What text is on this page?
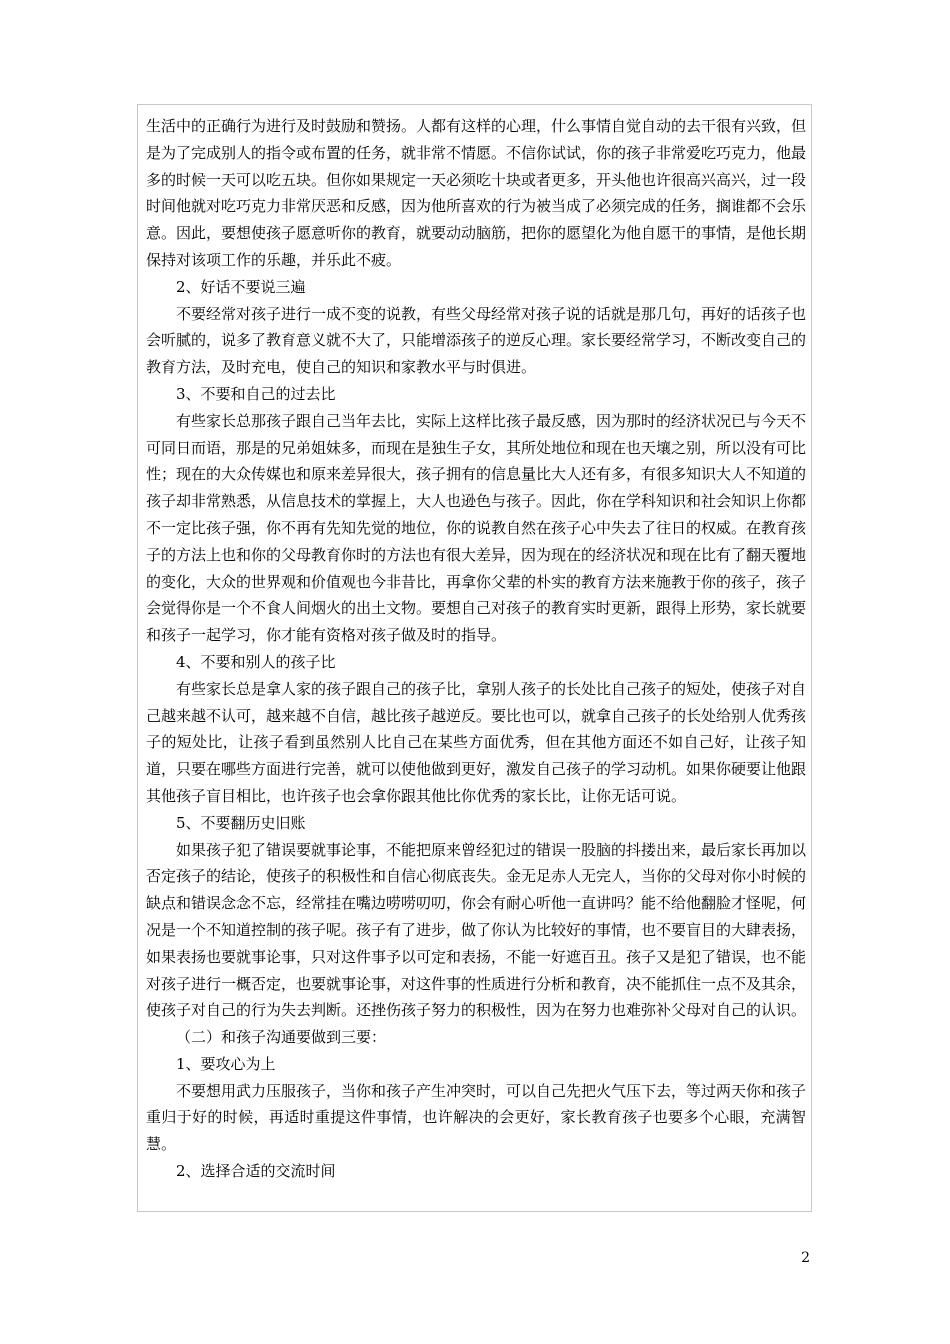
生活中的正确行为进行及时鼓励和赞扬。人都有这样的心理，什么事情自觉自动的去干很有兴致，但是为了完成别人的指令或布置的任务，就非常不情愿。不信你试试，你的孩子非常爱吃巧克力，他最多的时候一天可以吃五块。但你如果规定一天必须吃十块或者更多，开头他也许很高兴高兴，过一段时间他就对吃巧克力非常厌恶和反感，因为他所喜欢的行为被当成了必须完成的任务，搁谁都不会乐意。因此，要想使孩子愿意听你的教育，就要动动脑筋，把你的愿望化为他自愿干的事情，是他长期保持对该项工作的乐趣，并乐此不疲。

2、好话不要说三遍

不要经常对孩子进行一成不变的说教，有些父母经常对孩子说的话就是那几句，再好的话孩子也会听腻的，说多了教育意义就不大了，只能增添孩子的逆反心理。家长要经常学习，不断改变自己的教育方法，及时充电，使自己的知识和家教水平与时俱进。

3、不要和自己的过去比

有些家长总那孩子跟自己当年去比，实际上这样比孩子最反感，因为那时的经济状况已与今天不可同日而语，那是的兄弟姐妹多，而现在是独生子女，其所处地位和现在也天壤之别，所以没有可比性；现在的大众传媒也和原来差异很大，孩子拥有的信息量比大人还有多，有很多知识大人不知道的孩子却非常熟悉，从信息技术的掌握上，大人也逊色与孩子。因此，你在学科知识和社会知识上你都不一定比孩子强，你不再有先知先觉的地位，你的说教自然在孩子心中失去了往日的权威。在教育孩子的方法上也和你的父母教育你时的方法也有很大差异，因为现在的经济状况和现在比有了翻天覆地的变化，大众的世界观和价值观也今非昔比，再拿你父辈的朴实的教育方法来施教于你的孩子，孩子会觉得你是一个不食人间烟火的出土文物。要想自己对孩子的教育实时更新，跟得上形势，家长就要和孩子一起学习，你才能有资格对孩子做及时的指导。

4、不要和别人的孩子比

有些家长总是拿人家的孩子跟自己的孩子比，拿别人孩子的长处比自己孩子的短处，使孩子对自己越来越不认可，越来越不自信，越比孩子越逆反。要比也可以，就拿自己孩子的长处给别人优秀孩子的短处比，让孩子看到虽然别人比自己在某些方面优秀，但在其他方面还不如自己好，让孩子知道，只要在哪些方面进行完善，就可以使他做到更好，激发自己孩子的学习动机。如果你硬要让他跟其他孩子盲目相比，也许孩子也会拿你跟其他比你优秀的家长比，让你无话可说。

5、不要翻历史旧账

如果孩子犯了错误要就事论事，不能把原来曾经犯过的错误一股脑的抖搂出来，最后家长再加以否定孩子的结论，使孩子的积极性和自信心彻底丧失。金无足赤人无完人，当你的父母对你小时候的缺点和错误念念不忘，经常挂在嘴边唠唠叨叨，你会有耐心听他一直讲吗？能不给他翻脸才怪呢，何况是一个不知道控制的孩子呢。孩子有了进步，做了你认为比较好的事情，也不要盲目的大肆表扬，如果表扬也要就事论事，只对这件事予以可定和表扬，不能一好遮百丑。孩子又是犯了错误，也不能对孩子进行一概否定，也要就事论事，对这件事的性质进行分析和教育，决不能抓住一点不及其余，使孩子对自己的行为失去判断。还挫伤孩子努力的积极性，因为在努力也难弥补父母对自己的认识。

（二）和孩子沟通要做到三要：

1、要攻心为上

不要想用武力压服孩子，当你和孩子产生冲突时，可以自己先把火气压下去，等过两天你和孩子重归于好的时候，再适时重提这件事情，也许解决的会更好，家长教育孩子也要多个心眼，充满智慧。

2、选择合适的交流时间

2
